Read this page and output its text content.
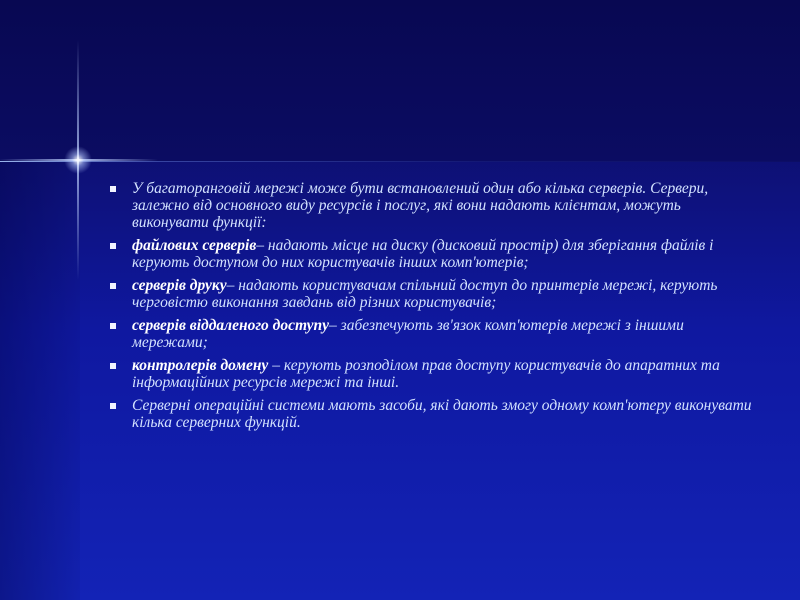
У багаторанговій мережі може бути встановлений один або кілька серверів. Сервери, залежно від основного виду ресурсів і послуг, які вони надають клієнтам, можуть виконувати функції:
файлових серверів– надають місце на диску (дисковий простір) для зберігання файлів і керують доступом до них користувачів інших комп'ютерів;
серверів друку– надають користувачам спільний доступ до принтерів мережі, керують черговістю виконання завдань від різних користувачів;
серверів віддаленого доступу– забезпечують зв'язок комп'ютерів мережі з іншими мережами;
контролерів домену – керують розподілом прав доступу користувачів до апаратних та інформаційних ресурсів мережі та інші.
Серверні операційні системи мають засоби, які дають змогу одному комп'ютеру виконувати кілька серверних функцій.
